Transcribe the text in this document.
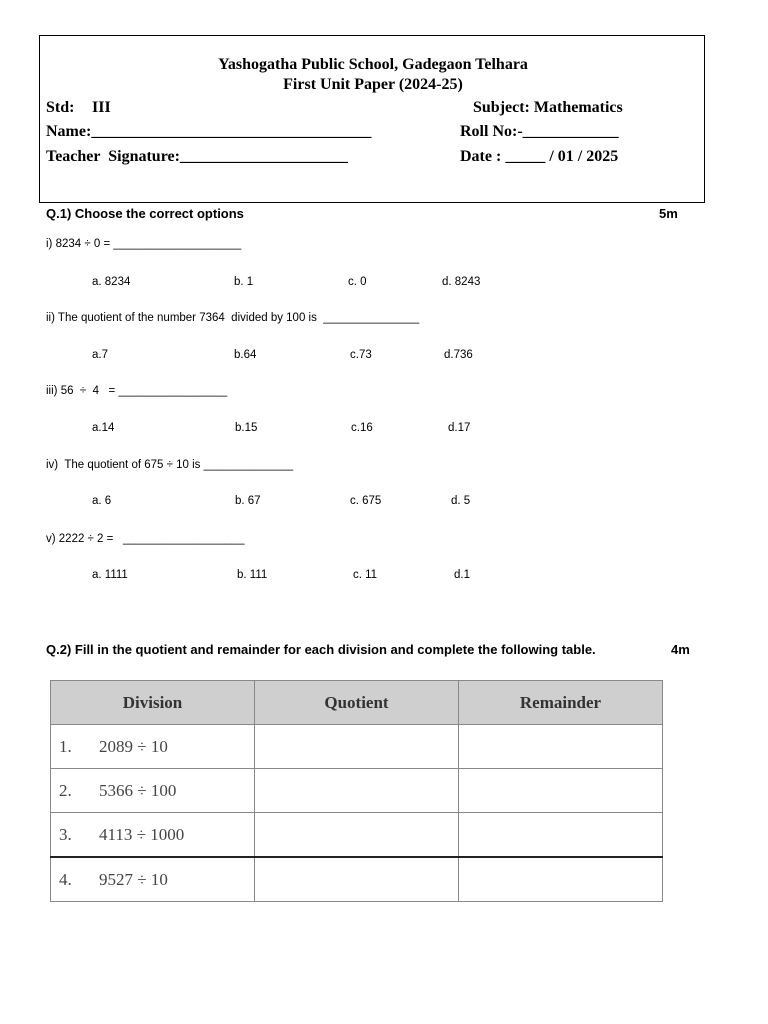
Yashogatha Public School, Gadegaon Telhara
First Unit Paper (2024-25)
Std: III	Subject: Mathematics
Name:___________________________________	Roll No:-____________
Teacher  Signature:_____________________	Date : _____ / 01 / 2025
Q.1) Choose the correct options	5m
i) 8234 ÷ 0 = ____________________
a. 8234	b. 1	c. 0	d. 8243
ii) The quotient of the number 7364  divided by 100 is  _______________
a.7	b.64	c.73	d.736
iii) 56  ÷  4   = _________________
a.14	b.15	c.16	d.17
iv)  The quotient of 675 ÷ 10 is ______________
a. 6	b. 67	c. 675	d. 5
v) 2222 ÷ 2 =   ___________________
a. 1111	b. 111	c. 11	d.1
Q.2) Fill in the quotient and remainder for each division and complete the following table.	4m
Division	Quotient	Remainder
1. 2089 ÷ 10		
2. 5366 ÷ 100		
3. 4113 ÷ 1000		
4. 9527 ÷ 10		
